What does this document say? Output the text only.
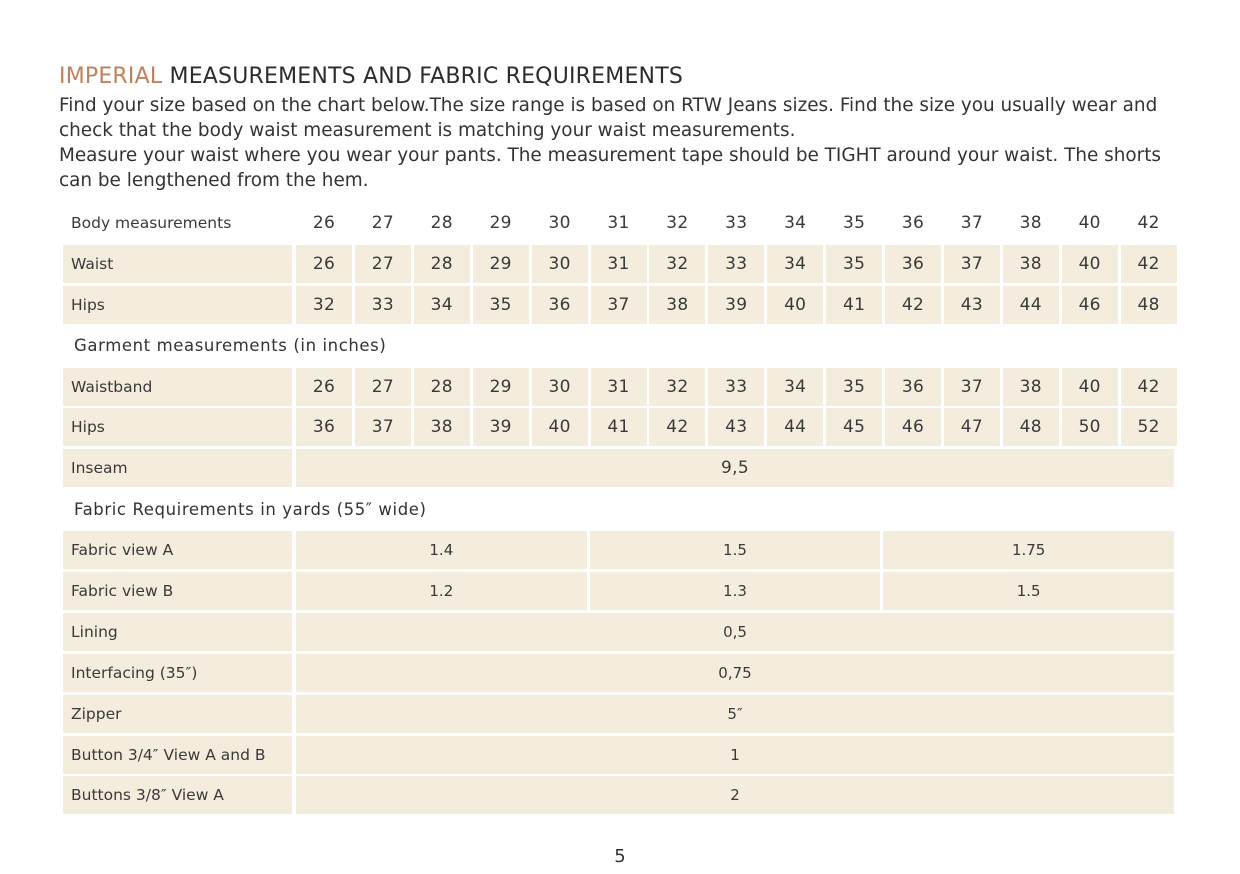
IMPERIAL MEASUREMENTS AND FABRIC REQUIREMENTS

Find your size based on the chart below.The size range is based on RTW Jeans sizes. Find the size you usually wear and check that the body waist measurement is matching your waist measurements.

Measure your waist where you wear your pants. The measurement tape should be TIGHT around your waist. The shorts can be lengthened from the hem.

Body measurements	26	27	28	29	30	31	32	33	34	35	36	37	38	40	42
Waist	26	27	28	29	30	31	32	33	34	35	36	37	38	40	42
Hips	32	33	34	35	36	37	38	39	40	41	42	43	44	46	48
Garment measurements (in inches)
Waistband	26	27	28	29	30	31	32	33	34	35	36	37	38	40	42
Hips	36	37	38	39	40	41	42	43	44	45	46	47	48	50	52
Inseam	9,5
Fabric Requirements in yards (55″ wide)
Fabric view A	1.4	1.5	1.75
Fabric view B	1.2	1.3	1.5
Lining	0,5
Interfacing (35″)	0,75
Zipper	5″
Button 3/4″ View A and B	1
Buttons 3/8″ View A	2
5
